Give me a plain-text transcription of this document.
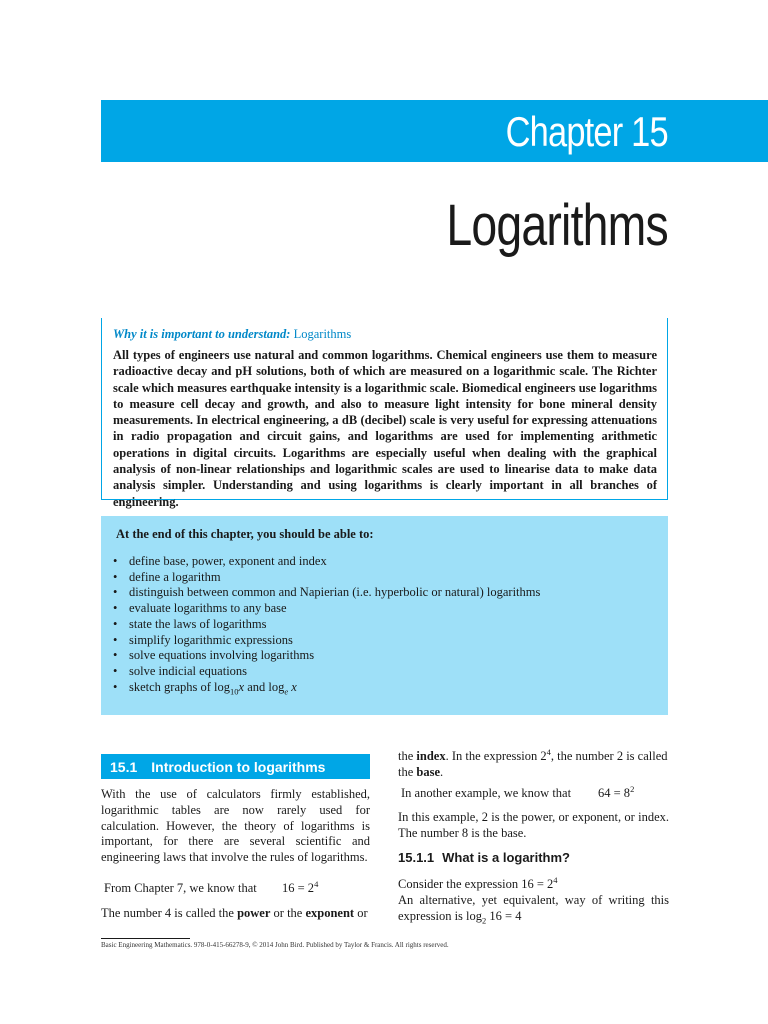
Chapter 15
Logarithms
Why it is important to understand: Logarithms
All types of engineers use natural and common logarithms. Chemical engineers use them to measure radioactive decay and pH solutions, both of which are measured on a logarithmic scale. The Richter scale which measures earthquake intensity is a logarithmic scale. Biomedical engineers use logarithms to measure cell decay and growth, and also to measure light intensity for bone mineral density measurements. In electrical engineering, a dB (decibel) scale is very useful for expressing attenuations in radio propagation and circuit gains, and logarithms are used for implementing arithmetic operations in digital circuits. Logarithms are especially useful when dealing with the graphical analysis of non-linear relationships and logarithmic scales are used to linearise data to make data analysis simpler. Understanding and using logarithms is clearly important in all branches of engineering.
At the end of this chapter, you should be able to:
• define base, power, exponent and index
• define a logarithm
• distinguish between common and Napierian (i.e. hyperbolic or natural) logarithms
• evaluate logarithms to any base
• state the laws of logarithms
• simplify logarithmic expressions
• solve equations involving logarithms
• solve indicial equations
• sketch graphs of $\log_{10}x$ and $\log_e x$
15.1 Introduction to logarithms
With the use of calculators firmly established, logarithmic tables are now rarely used for calculation. However, the theory of logarithms is important, for there are several scientific and engineering laws that involve the rules of logarithms.
From Chapter 7, we know that $16 = 2^4$
The number 4 is called the power or the exponent or
the index. In the expression $2^4$, the number 2 is called
the base.
In another example, we know that $64 = 8^2$
In this example, 2 is the power, or exponent, or index. The number 8 is the base.
15.1.1 What is a logarithm?
Consider the expression $16 = 2^4$
An alternative, yet equivalent, way of writing this
expression is $\log_2 16 = 4$
Basic Engineering Mathematics. 978-0-415-66278-9, © 2014 John Bird. Published by Taylor & Francis. All rights reserved.
